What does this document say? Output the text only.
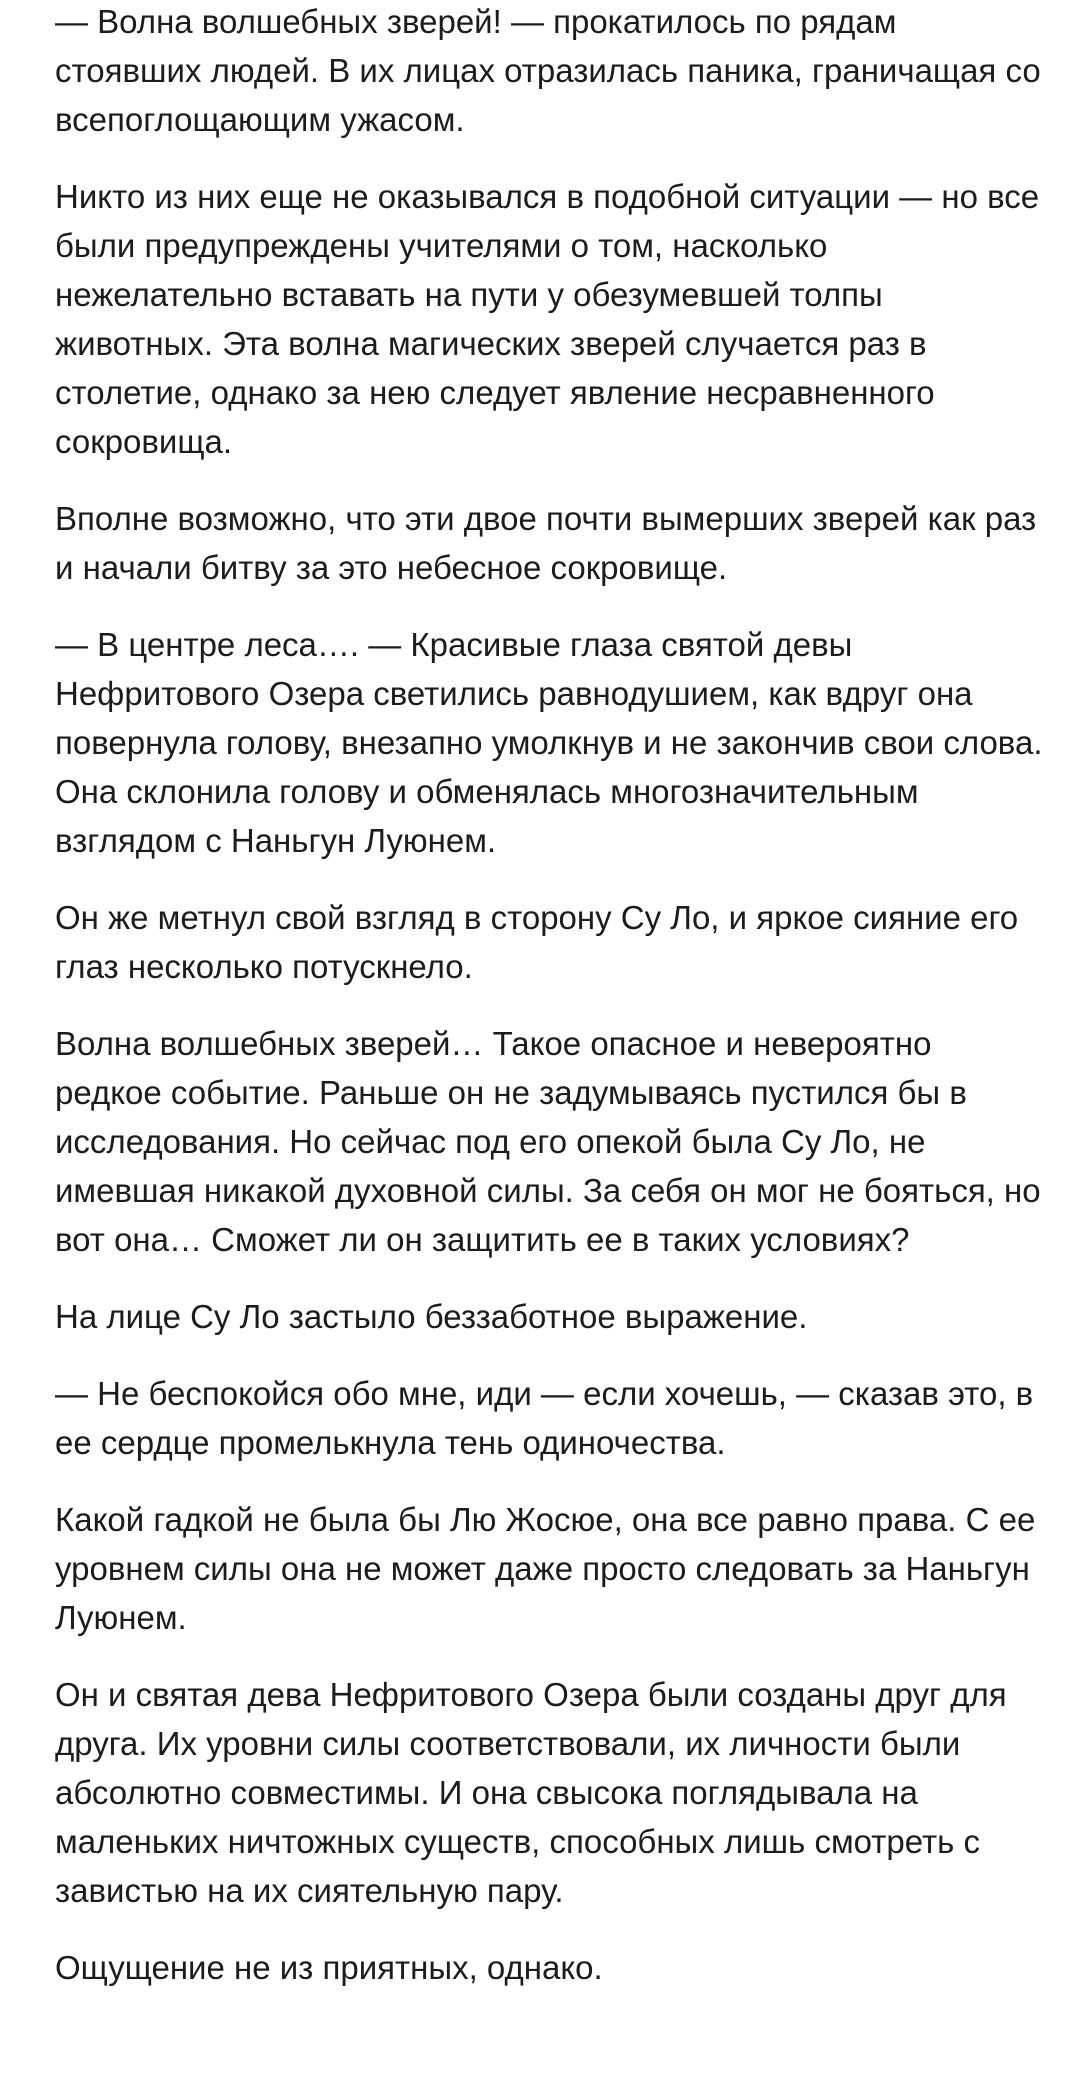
— Волна волшебных зверей! — прокатилось по рядам стоявших людей. В их лицах отразилась паника, граничащая со всепоглощающим ужасом.

Никто из них еще не оказывался в подобной ситуации — но все были предупреждены учителями о том, насколько нежелательно вставать на пути у обезумевшей толпы животных. Эта волна магических зверей случается раз в столетие, однако за нею следует явление несравненного сокровища.

Вполне возможно, что эти двое почти вымерших зверей как раз и начали битву за это небесное сокровище.

— В центре леса…. — Красивые глаза святой девы Нефритового Озера светились равнодушием, как вдруг она повернула голову, внезапно умолкнув и не закончив свои слова. Она склонила голову и обменялась многозначительным взглядом с Наньгун Луюнем.

Он же метнул свой взгляд в сторону Су Ло, и яркое сияние его глаз несколько потускнело.

Волна волшебных зверей… Такое опасное и невероятно редкое событие. Раньше он не задумываясь пустился бы в исследования. Но сейчас под его опекой была Су Ло, не имевшая никакой духовной силы. За себя он мог не бояться, но вот она… Сможет ли он защитить ее в таких условиях?

На лице Су Ло застыло беззаботное выражение.

— Не беспокойся обо мне, иди — если хочешь, — сказав это, в ее сердце промелькнула тень одиночества.

Какой гадкой не была бы Лю Жосюе, она все равно права. С ее уровнем силы она не может даже просто следовать за Наньгун Луюнем.

Он и святая дева Нефритового Озера были созданы друг для друга. Их уровни силы соответствовали, их личности были абсолютно совместимы. И она свысока поглядывала на маленьких ничтожных существ, способных лишь смотреть с завистью на их сиятельную пару.

Ощущение не из приятных, однако.
